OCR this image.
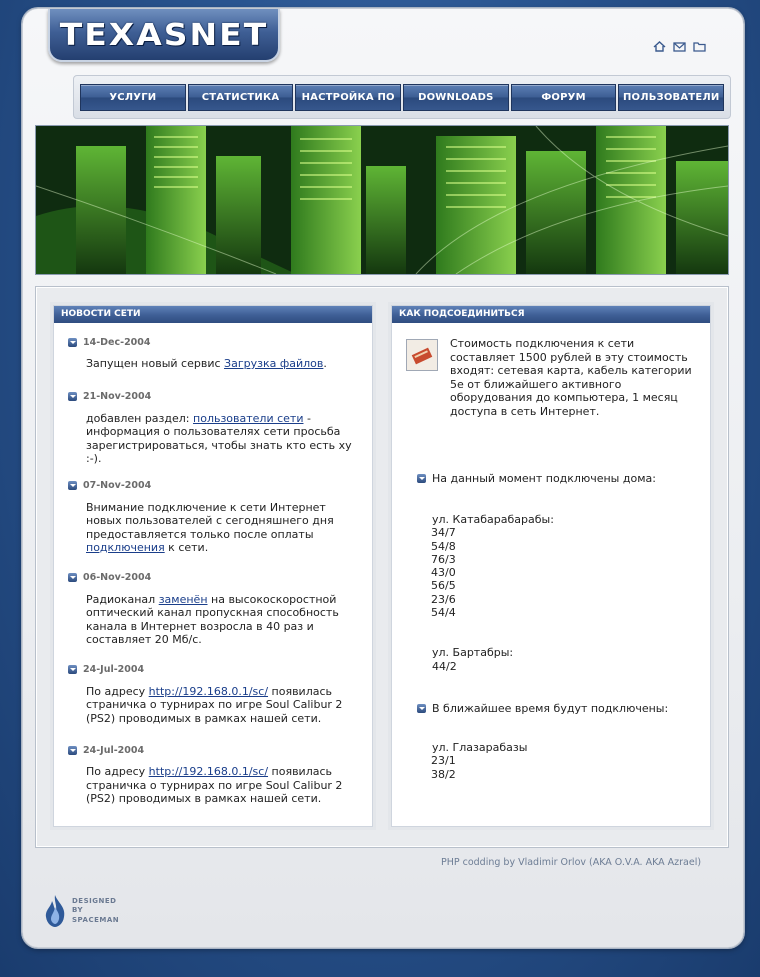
TEXASNET
УСЛУГИ	СТАТИСТИКА	НАСТРОЙКА ПО	DOWNLOADS	ФОРУМ	ПОЛЬЗОВАТЕЛИ
НОВОСТИ СЕТИ
14-Dec-2004
Запущен новый сервис Загрузка файлов.
21-Nov-2004
добавлен раздел: пользователи сети - информация о пользователях сети просьба зарегистрироваться, чтобы знать кто есть ху :-).
07-Nov-2004
Внимание подключение к сети Интернет новых пользователей с сегодняшнего дня предоставляется только после оплаты подключения к сети.
06-Nov-2004
Радиоканал заменён на высокоскоростной оптический канал пропускная способность канала в Интернет возросла в 40 раз и составляет 20 Мб/с.
24-Jul-2004
По адресу http://192.168.0.1/sc/ появилась страничка о турнирах по игре Soul Calibur 2 (PS2) проводимых в рамках нашей сети.
24-Jul-2004
По адресу http://192.168.0.1/sc/ появилась страничка о турнирах по игре Soul Calibur 2 (PS2) проводимых в рамках нашей сети.
КАК ПОДСОЕДИНИТЬСЯ
Стоимость подключения к сети составляет 1500 рублей в эту стоимость входят: сетевая карта, кабель категории 5е от ближайшего активного оборудования до компьютера, 1 месяц доступа в сеть Интернет.
На данный момент подключены дома:
ул. Катабарабарабы:
34/7
54/8
76/3
43/0
56/5
23/6
54/4
ул. Бартабры:
44/2
В ближайшее время будут подключены:
ул. Глазарабазы
23/1
38/2
PHP codding by Vladimir Orlov (AKA O.V.A. AKA Azrael)
DESIGNED
BY
SPACEMAN
